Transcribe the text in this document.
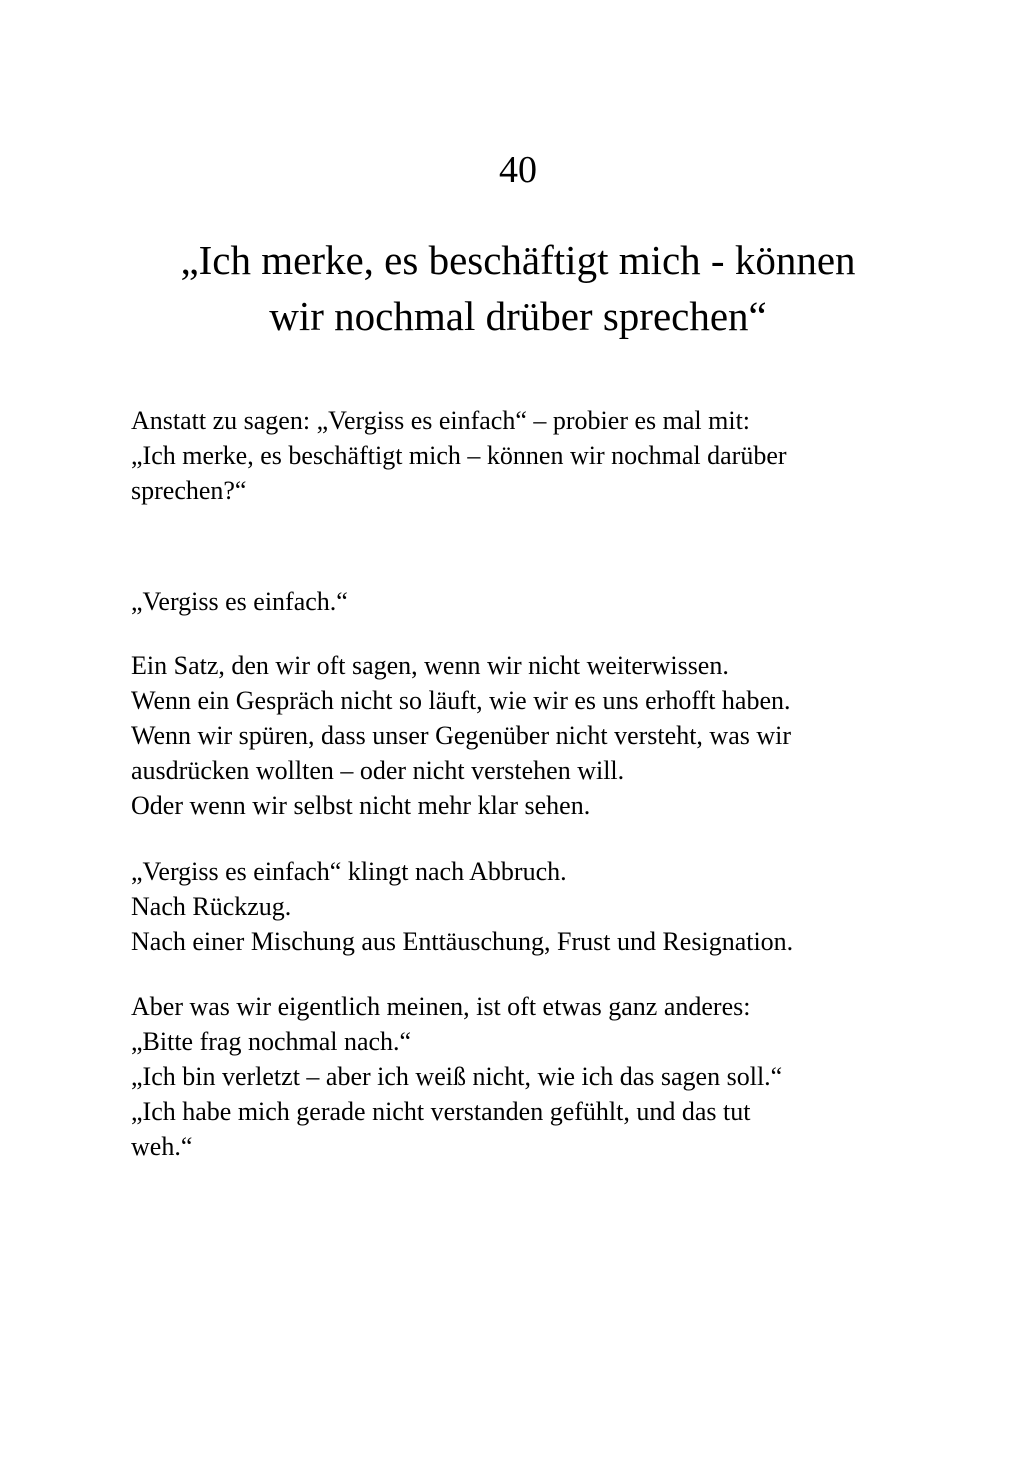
40
„Ich merke, es beschäftigt mich - können
wir nochmal drüber sprechen“
Anstatt zu sagen: „Vergiss es einfach“ – probier es mal mit:
„Ich merke, es beschäftigt mich – können wir nochmal darüber
sprechen?“
„Vergiss es einfach.“
Ein Satz, den wir oft sagen, wenn wir nicht weiterwissen.
Wenn ein Gespräch nicht so läuft, wie wir es uns erhofft haben.
Wenn wir spüren, dass unser Gegenüber nicht versteht, was wir
ausdrücken wollten – oder nicht verstehen will.
Oder wenn wir selbst nicht mehr klar sehen.
„Vergiss es einfach“ klingt nach Abbruch.
Nach Rückzug.
Nach einer Mischung aus Enttäuschung, Frust und Resignation.
Aber was wir eigentlich meinen, ist oft etwas ganz anderes:
„Bitte frag nochmal nach.“
„Ich bin verletzt – aber ich weiß nicht, wie ich das sagen soll.“
„Ich habe mich gerade nicht verstanden gefühlt, und das tut
weh.“
